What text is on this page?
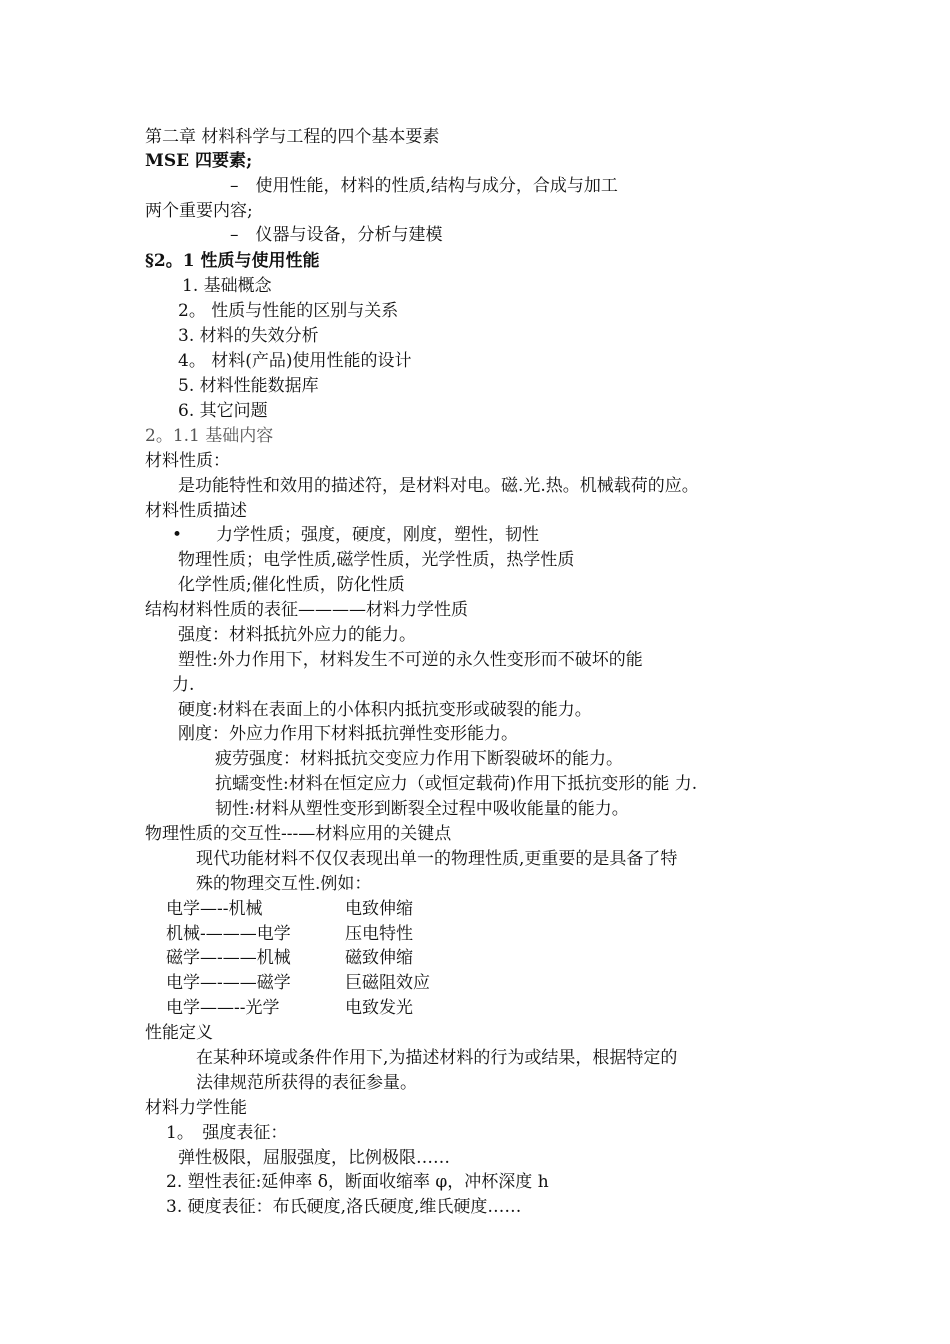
第二章 材料科学与工程的四个基本要素
MSE 四要素;
–　使用性能，材料的性质,结构与成分，合成与加工
两个重要内容;
–　仪器与设备，分析与建模
§2。1 性质与使用性能
1. 基础概念
2。 性质与性能的区别与关系
3. 材料的失效分析
4。 材料(产品)使用性能的设计
5. 材料性能数据库
6. 其它问题
2。1.1 基础内容
材料性质：
是功能特性和效用的描述符，是材料对电。磁.光.热。机械载荷的应。
材料性质描述
•　　力学性质；强度，硬度，刚度，塑性，韧性
物理性质；电学性质,磁学性质，光学性质，热学性质
化学性质;催化性质，防化性质
结构材料性质的表征————材料力学性质
强度：材料抵抗外应力的能力。
塑性:外力作用下，材料发生不可逆的永久性变形而不破坏的能
力.
硬度:材料在表面上的小体积内抵抗变形或破裂的能力。
刚度：外应力作用下材料抵抗弹性变形能力。
疲劳强度：材料抵抗交变应力作用下断裂破坏的能力。
抗蠕变性:材料在恒定应力（或恒定载荷)作用下抵抗变形的能 力.
韧性:材料从塑性变形到断裂全过程中吸收能量的能力。
物理性质的交互性---—材料应用的关键点
现代功能材料不仅仅表现出单一的物理性质,更重要的是具备了特
殊的物理交互性.例如：
电学—--机械	电致伸缩
机械-———电学	压电特性
磁学—-——机械	磁致伸缩
电学—-——磁学	巨磁阻效应
电学——--光学	电致发光
性能定义
在某种环境或条件作用下,为描述材料的行为或结果，根据特定的
法律规范所获得的表征参量。
材料力学性能
1。　强度表征：
弹性极限，屈服强度，比例极限……
2. 塑性表征:延伸率 δ，断面收缩率 φ，冲杯深度 h
3. 硬度表征：布氏硬度,洛氏硬度,维氏硬度……
